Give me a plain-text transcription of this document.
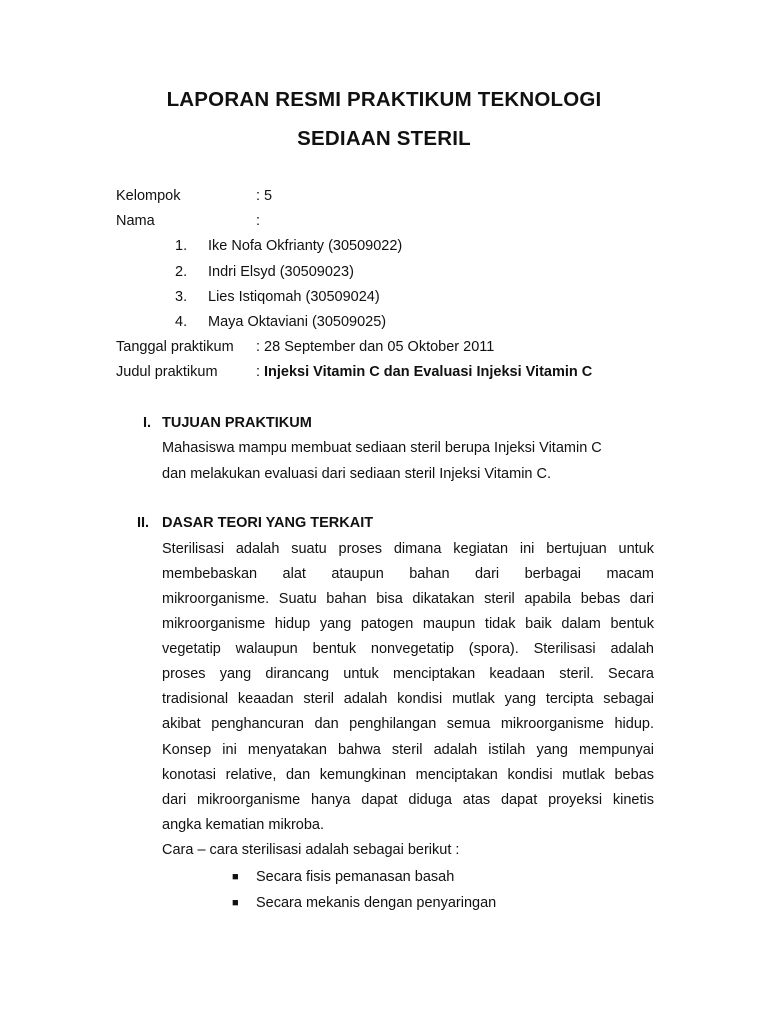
LAPORAN RESMI PRAKTIKUM TEKNOLOGI
SEDIAAN STERIL
Kelompok	: 5
Nama	:
1. Ike Nofa Okfrianty (30509022)
2. Indri Elsyd (30509023)
3. Lies Istiqomah (30509024)
4. Maya Oktaviani (30509025)
Tanggal praktikum : 28 September dan 05 Oktober 2011
Judul praktikum	: Injeksi Vitamin C dan Evaluasi Injeksi Vitamin C
I. TUJUAN PRAKTIKUM
Mahasiswa mampu membuat sediaan steril berupa Injeksi Vitamin C
dan melakukan evaluasi dari sediaan steril Injeksi Vitamin C.
II. DASAR TEORI YANG TERKAIT
Sterilisasi adalah suatu proses dimana kegiatan ini bertujuan untuk
membebaskan alat ataupun bahan dari berbagai macam
mikroorganisme. Suatu bahan bisa dikatakan steril apabila bebas dari
mikroorganisme hidup yang patogen maupun tidak baik dalam bentuk
vegetatip walaupun bentuk nonvegetatip (spora). Sterilisasi adalah
proses yang dirancang untuk menciptakan keadaan steril. Secara
tradisional keaadan steril adalah kondisi mutlak yang tercipta sebagai
akibat penghancuran dan penghilangan semua mikroorganisme hidup.
Konsep ini menyatakan bahwa steril adalah istilah yang mempunyai
konotasi relative, dan kemungkinan menciptakan kondisi mutlak bebas
dari mikroorganisme hanya dapat diduga atas dapat proyeksi kinetis
angka kematian mikroba.
Cara – cara sterilisasi adalah sebagai berikut :
■ Secara fisis pemanasan basah
■ Secara mekanis dengan penyaringan
